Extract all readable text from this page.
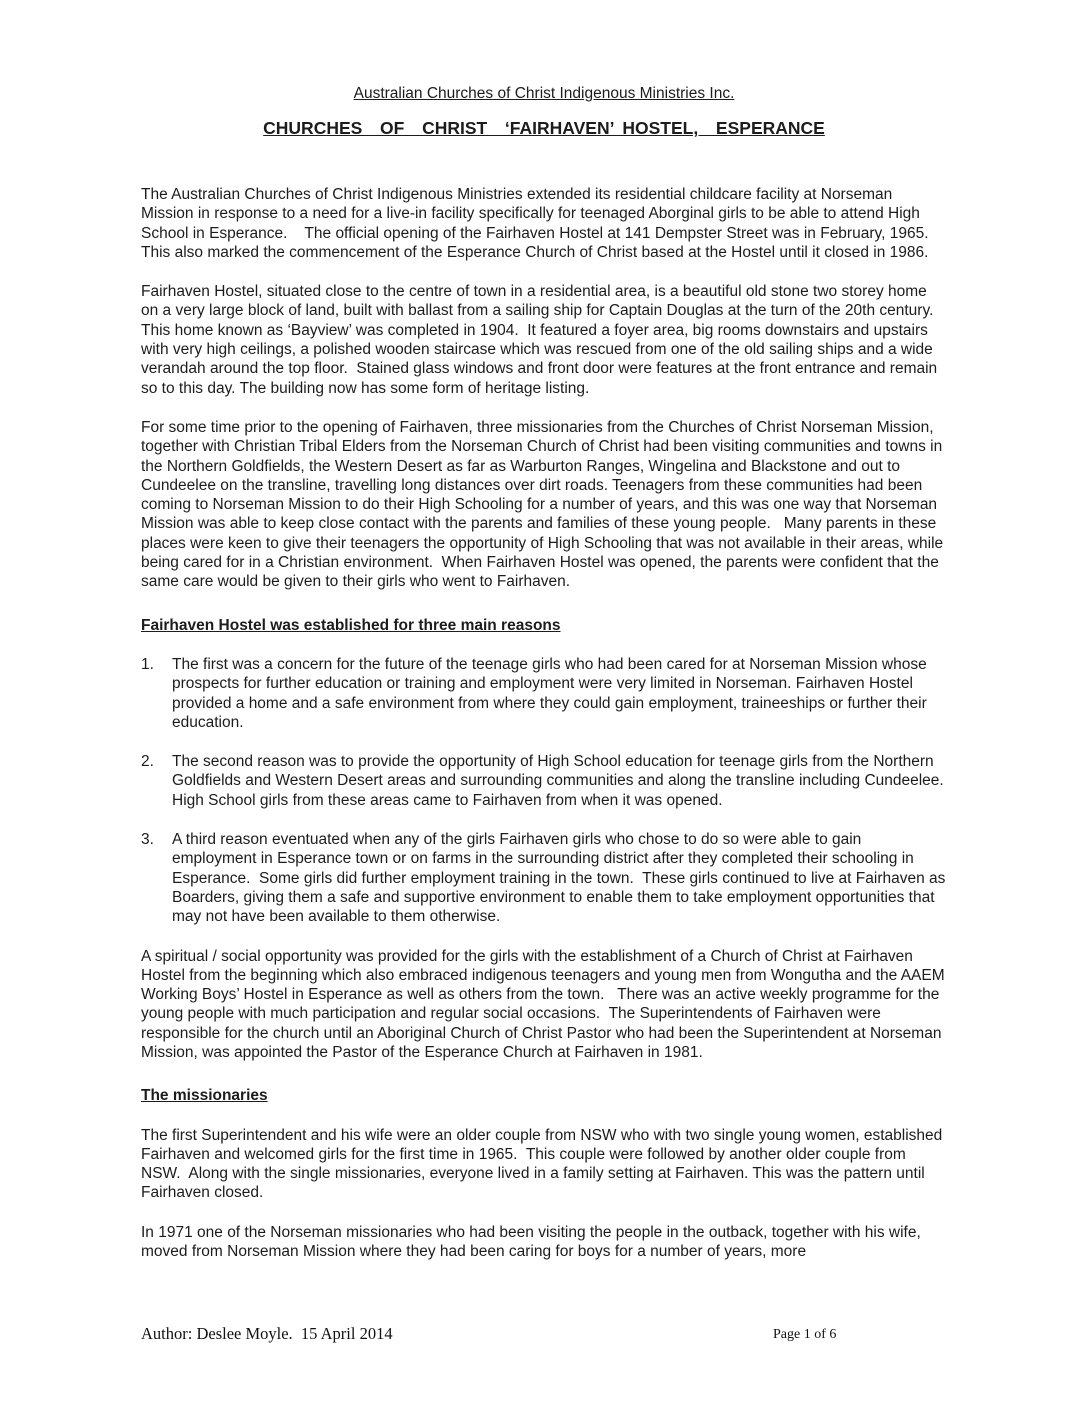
Australian Churches of Christ Indigenous Ministries Inc.
CHURCHES  OF  CHRIST  ‘FAIRHAVEN’ HOSTEL,  ESPERANCE

The Australian Churches of Christ Indigenous Ministries extended its residential childcare facility at Norseman Mission in response to a need for a live-in facility specifically for teenaged Aborginal girls to be able to attend High School in Esperance.    The official opening of the Fairhaven Hostel at 141 Dempster Street was in February, 1965.  This also marked the commencement of the Esperance Church of Christ based at the Hostel until it closed in 1986.

Fairhaven Hostel, situated close to the centre of town in a residential area, is a beautiful old stone two storey home on a very large block of land, built with ballast from a sailing ship for Captain Douglas at the turn of the 20th century.  This home known as ‘Bayview’ was completed in 1904.  It featured a foyer area, big rooms downstairs and upstairs with very high ceilings, a polished wooden staircase which was rescued from one of the old sailing ships and a wide verandah around the top floor.  Stained glass windows and front door were features at the front entrance and remain so to this day. The building now has some form of heritage listing.

For some time prior to the opening of Fairhaven, three missionaries from the Churches of Christ Norseman Mission, together with Christian Tribal Elders from the Norseman Church of Christ had been visiting communities and towns in the Northern Goldfields, the Western Desert as far as Warburton Ranges, Wingelina and Blackstone and out to Cundeelee on the transline, travelling long distances over dirt roads. Teenagers from these communities had been coming to Norseman Mission to do their High Schooling for a number of years, and this was one way that Norseman Mission was able to keep close contact with the parents and families of these young people.   Many parents in these places were keen to give their teenagers the opportunity of High Schooling that was not available in their areas, while being cared for in a Christian environment.  When Fairhaven Hostel was opened, the parents were confident that the same care would be given to their girls who went to Fairhaven.

Fairhaven Hostel was established for three main reasons
1.	The first was a concern for the future of the teenage girls who had been cared for at Norseman Mission whose prospects for further education or training and employment were very limited in Norseman. Fairhaven Hostel provided a home and a safe environment from where they could gain employment, traineeships or further their education.
2.	The second reason was to provide the opportunity of High School education for teenage girls from the Northern Goldfields and Western Desert areas and surrounding communities and along the transline including Cundeelee. High School girls from these areas came to Fairhaven from when it was opened.
3.	A third reason eventuated when any of the girls Fairhaven girls who chose to do so were able to gain employment in Esperance town or on farms in the surrounding district after they completed their schooling in Esperance.  Some girls did further employment training in the town.  These girls continued to live at Fairhaven as Boarders, giving them a safe and supportive environment to enable them to take employment opportunities that may not have been available to them otherwise.

A spiritual / social opportunity was provided for the girls with the establishment of a Church of Christ at Fairhaven Hostel from the beginning which also embraced indigenous teenagers and young men from Wongutha and the AAEM Working Boys’ Hostel in Esperance as well as others from the town.   There was an active weekly programme for the young people with much participation and regular social occasions.  The Superintendents of Fairhaven were responsible for the church until an Aboriginal Church of Christ Pastor who had been the Superintendent at Norseman Mission, was appointed the Pastor of the Esperance Church at Fairhaven in 1981.

The missionaries

The first Superintendent and his wife were an older couple from NSW who with two single young women, established Fairhaven and welcomed girls for the first time in 1965.  This couple were followed by another older couple from NSW.  Along with the single missionaries, everyone lived in a family setting at Fairhaven. This was the pattern until Fairhaven closed.

In 1971 one of the Norseman missionaries who had been visiting the people in the outback, together with his wife, moved from Norseman Mission where they had been caring for boys for a number of years, more

Author: Deslee Moyle.  15 April 2014	Page 1 of 6
